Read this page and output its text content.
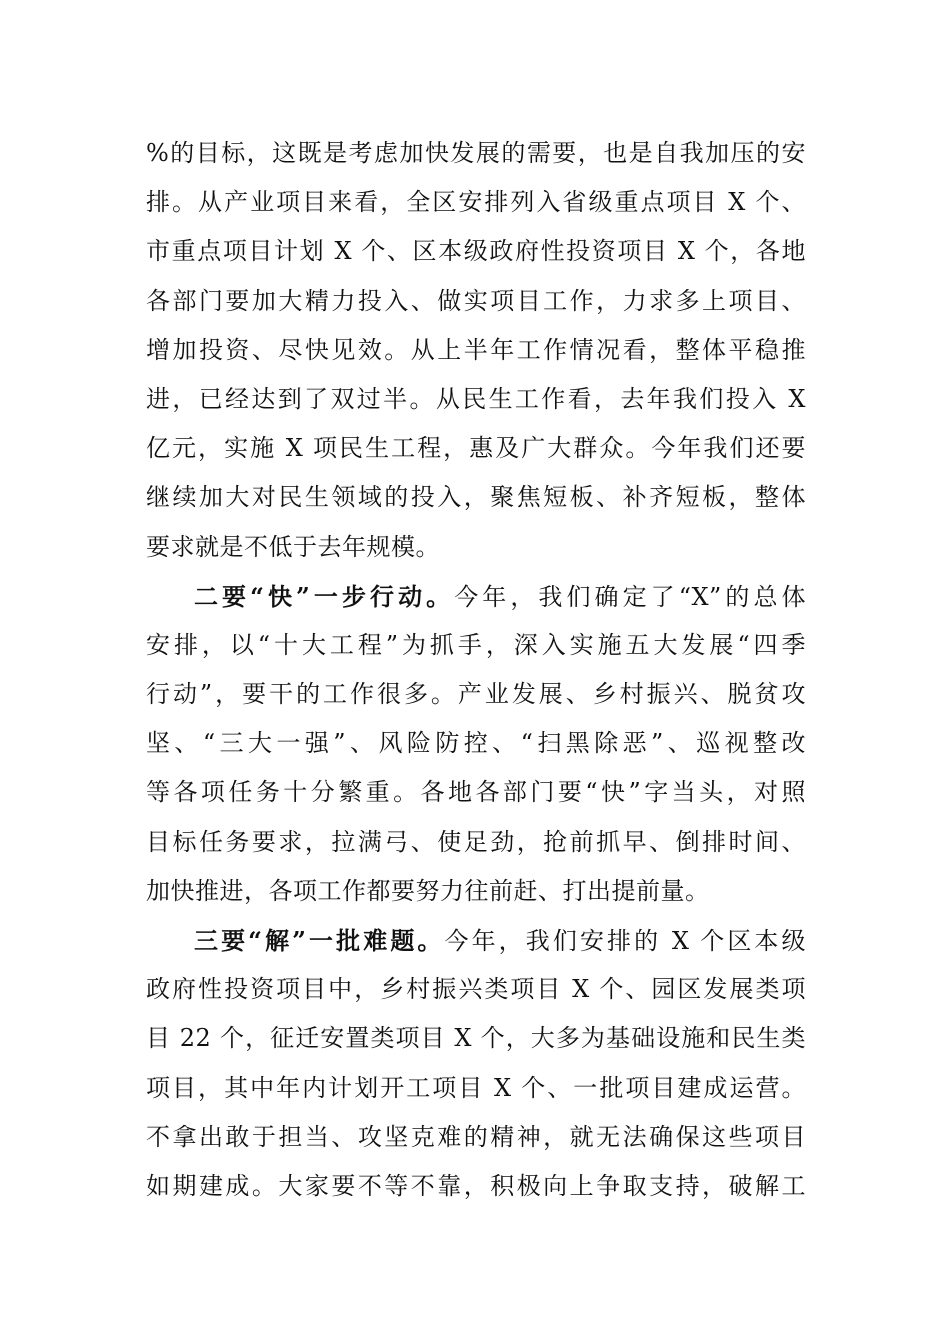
%的目标，这既是考虑加快发展的需要，也是自我加压的安
排。从产业项目来看，全区安排列入省级重点项目 X 个、
市重点项目计划 X 个、区本级政府性投资项目 X 个，各地
各部门要加大精力投入、做实项目工作，力求多上项目、
增加投资、尽快见效。从上半年工作情况看，整体平稳推
进，已经达到了双过半。从民生工作看，去年我们投入 X
亿元，实施 X 项民生工程，惠及广大群众。今年我们还要
继续加大对民生领域的投入，聚焦短板、补齐短板，整体
要求就是不低于去年规模。
二要“快”一步行动。今年，我们确定了“X”的总体
安排，以“十大工程”为抓手，深入实施五大发展“四季
行动”，要干的工作很多。产业发展、乡村振兴、脱贫攻
坚、“三大一强”、风险防控、“扫黑除恶”、巡视整改
等各项任务十分繁重。各地各部门要“快”字当头，对照
目标任务要求，拉满弓、使足劲，抢前抓早、倒排时间、
加快推进，各项工作都要努力往前赶、打出提前量。
三要“解”一批难题。今年，我们安排的 X 个区本级
政府性投资项目中，乡村振兴类项目 X 个、园区发展类项
目 22 个，征迁安置类项目 X 个，大多为基础设施和民生类
项目，其中年内计划开工项目 X 个、一批项目建成运营。
不拿出敢于担当、攻坚克难的精神，就无法确保这些项目
如期建成。大家要不等不靠，积极向上争取支持，破解工
